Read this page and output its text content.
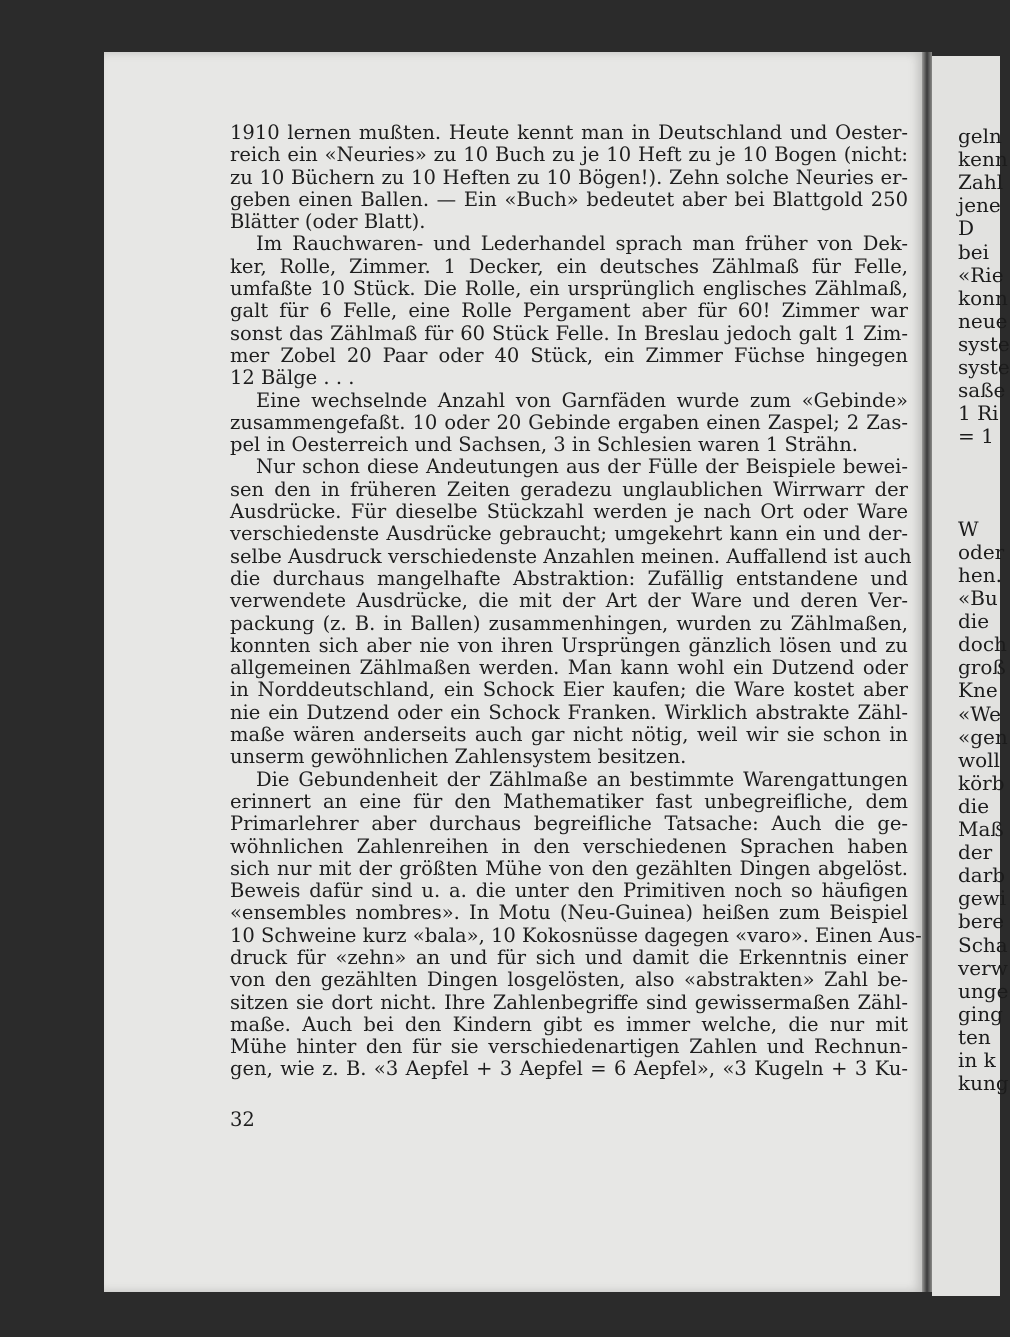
geln
kenn
Zahl
jene
D
bei
«Rie
konn
neue
syste
syste
saße
1 Ri
= 1
W
oder
hen.
«Bu
die
doch
groß
Kne
«We
«gen
woll
körb
die
Maß
der
darb
gewi
bere
Scha
verw
unge
ging
ten
in k
kung
1910 lernen mußten. Heute kennt man in Deutschland und Oester-
reich ein «Neuries» zu 10 Buch zu je 10 Heft zu je 10 Bogen (nicht:
zu 10 Büchern zu 10 Heften zu 10 Bögen!). Zehn solche Neuries er-
geben einen Ballen. — Ein «Buch» bedeutet aber bei Blattgold 250
Blätter (oder Blatt).
Im Rauchwaren- und Lederhandel sprach man früher von Dek-
ker, Rolle, Zimmer. 1 Decker, ein deutsches Zählmaß für Felle,
umfaßte 10 Stück. Die Rolle, ein ursprünglich englisches Zählmaß,
galt für 6 Felle, eine Rolle Pergament aber für 60! Zimmer war
sonst das Zählmaß für 60 Stück Felle. In Breslau jedoch galt 1 Zim-
mer Zobel 20 Paar oder 40 Stück, ein Zimmer Füchse hingegen
12 Bälge . . .
Eine wechselnde Anzahl von Garnfäden wurde zum «Gebinde»
zusammengefaßt. 10 oder 20 Gebinde ergaben einen Zaspel; 2 Zas-
pel in Oesterreich und Sachsen, 3 in Schlesien waren 1 Strähn.
Nur schon diese Andeutungen aus der Fülle der Beispiele bewei-
sen den in früheren Zeiten geradezu unglaublichen Wirrwarr der
Ausdrücke. Für dieselbe Stückzahl werden je nach Ort oder Ware
verschiedenste Ausdrücke gebraucht; umgekehrt kann ein und der-
selbe Ausdruck verschiedenste Anzahlen meinen. Auffallend ist auch
die durchaus mangelhafte Abstraktion: Zufällig entstandene und
verwendete Ausdrücke, die mit der Art der Ware und deren Ver-
packung (z. B. in Ballen) zusammenhingen, wurden zu Zählmaßen,
konnten sich aber nie von ihren Ursprüngen gänzlich lösen und zu
allgemeinen Zählmaßen werden. Man kann wohl ein Dutzend oder
in Norddeutschland, ein Schock Eier kaufen; die Ware kostet aber
nie ein Dutzend oder ein Schock Franken. Wirklich abstrakte Zähl-
maße wären anderseits auch gar nicht nötig, weil wir sie schon in
unserm gewöhnlichen Zahlensystem besitzen.
Die Gebundenheit der Zählmaße an bestimmte Warengattungen
erinnert an eine für den Mathematiker fast unbegreifliche, dem
Primarlehrer aber durchaus begreifliche Tatsache: Auch die ge-
wöhnlichen Zahlenreihen in den verschiedenen Sprachen haben
sich nur mit der größten Mühe von den gezählten Dingen abgelöst.
Beweis dafür sind u. a. die unter den Primitiven noch so häufigen
«ensembles nombres». In Motu (Neu-Guinea) heißen zum Beispiel
10 Schweine kurz «bala», 10 Kokosnüsse dagegen «varo». Einen Aus-
druck für «zehn» an und für sich und damit die Erkenntnis einer
von den gezählten Dingen losgelösten, also «abstrakten» Zahl be-
sitzen sie dort nicht. Ihre Zahlenbegriffe sind gewissermaßen Zähl-
maße. Auch bei den Kindern gibt es immer welche, die nur mit
Mühe hinter den für sie verschiedenartigen Zahlen und Rechnun-
gen, wie z. B. «3 Aepfel + 3 Aepfel = 6 Aepfel», «3 Kugeln + 3 Ku-
32
